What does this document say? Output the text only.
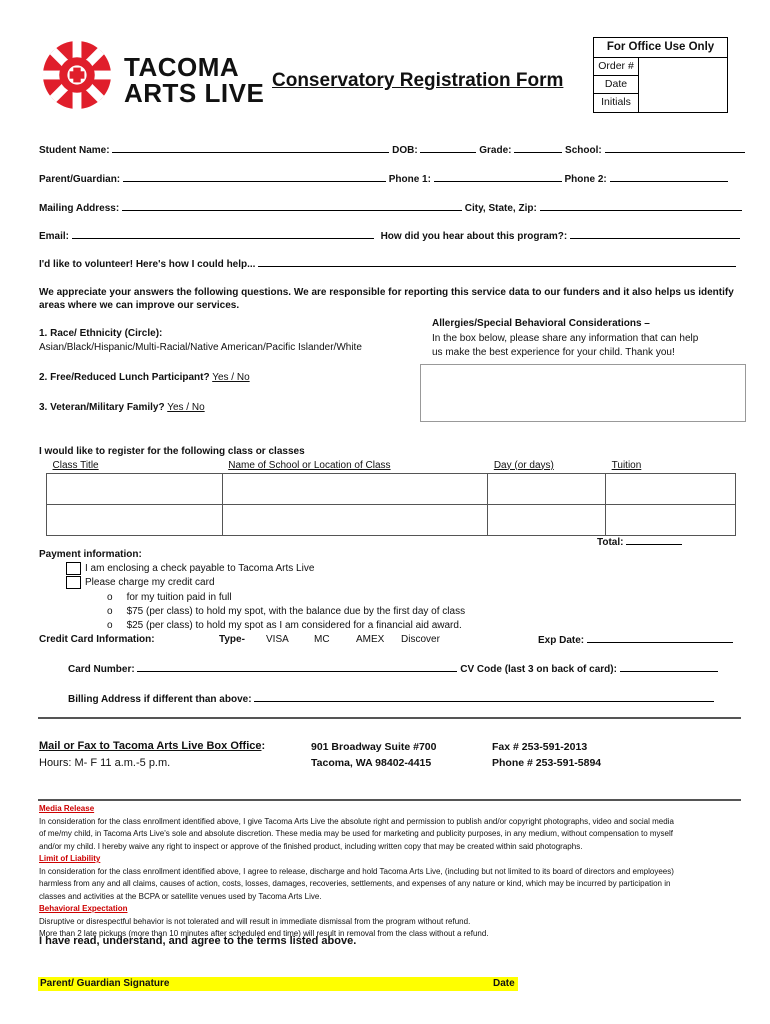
TACOMA
ARTS LIVE Conservatory Registration Form
For Office Use Only
Order #
Date
Initials
Student Name:	DOB:	Grade:	School:
Parent/Guardian:	Phone 1:	Phone 2:
Mailing Address:	City, State, Zip:
Email:	How did you hear about this program?:
I'd like to volunteer! Here's how I could help...
We appreciate your answers the following questions. We are responsible for reporting this service data to our funders and it also helps us identify areas where we can improve our services.
1. Race/ Ethnicity (Circle):
Asian/Black/Hispanic/Multi-Racial/Native American/Pacific Islander/White
Allergies/Special Behavioral Considerations –
In the box below, please share any information that can help
us make the best experience for your child. Thank you!
2. Free/Reduced Lunch Participant? Yes / No
3. Veteran/Military Family? Yes / No
I would like to register for the following class or classes
Class Title	Name of School or Location of Class	Day (or days)	Tuition

Total:
Payment information:
I am enclosing a check payable to Tacoma Arts Live
Please charge my credit card
o for my tuition paid in full
o $75 (per class) to hold my spot, with the balance due by the first day of class
o $25 (per class) to hold my spot as I am considered for a financial aid award.
Credit Card Information:	Type- VISA	MC	AMEX Discover	Exp Date:
Card Number:	CV Code (last 3 on back of card):
Billing Address if different than above:
Mail or Fax to Tacoma Arts Live Box Office:
Hours: M- F 11 a.m.-5 p.m.
901 Broadway Suite #700
Tacoma, WA 98402-4415
Fax # 253-591-2013
Phone # 253-591-5894
Media Release
In consideration for the class enrollment identified above, I give Tacoma Arts Live the absolute right and permission to publish and/or copyright photographs, video and social media
of me/my child, in Tacoma Arts Live's sole and absolute discretion. These media may be used for marketing and publicity purposes, in any medium, without compensation to myself
and/or my child. I hereby waive any right to inspect or approve of the finished product, including written copy that may be created within said photographs.
Limit of Liability
In consideration for the class enrollment identified above, I agree to release, discharge and hold Tacoma Arts Live, (including but not limited to its board of directors and employees)
harmless from any and all claims, causes of action, costs, losses, damages, recoveries, settlements, and expenses of any nature or kind, which may be incurred by participation in
classes and activities at the BCPA or satellite venues used by Tacoma Arts Live.
Behavioral Expectation
Disruptive or disrespectful behavior is not tolerated and will result in immediate dismissal from the program without refund.
More than 2 late pickups (more than 10 minutes after scheduled end time) will result in removal from the class without a refund.
I have read, understand, and agree to the terms listed above.
Parent/ Guardian Signature	Date
